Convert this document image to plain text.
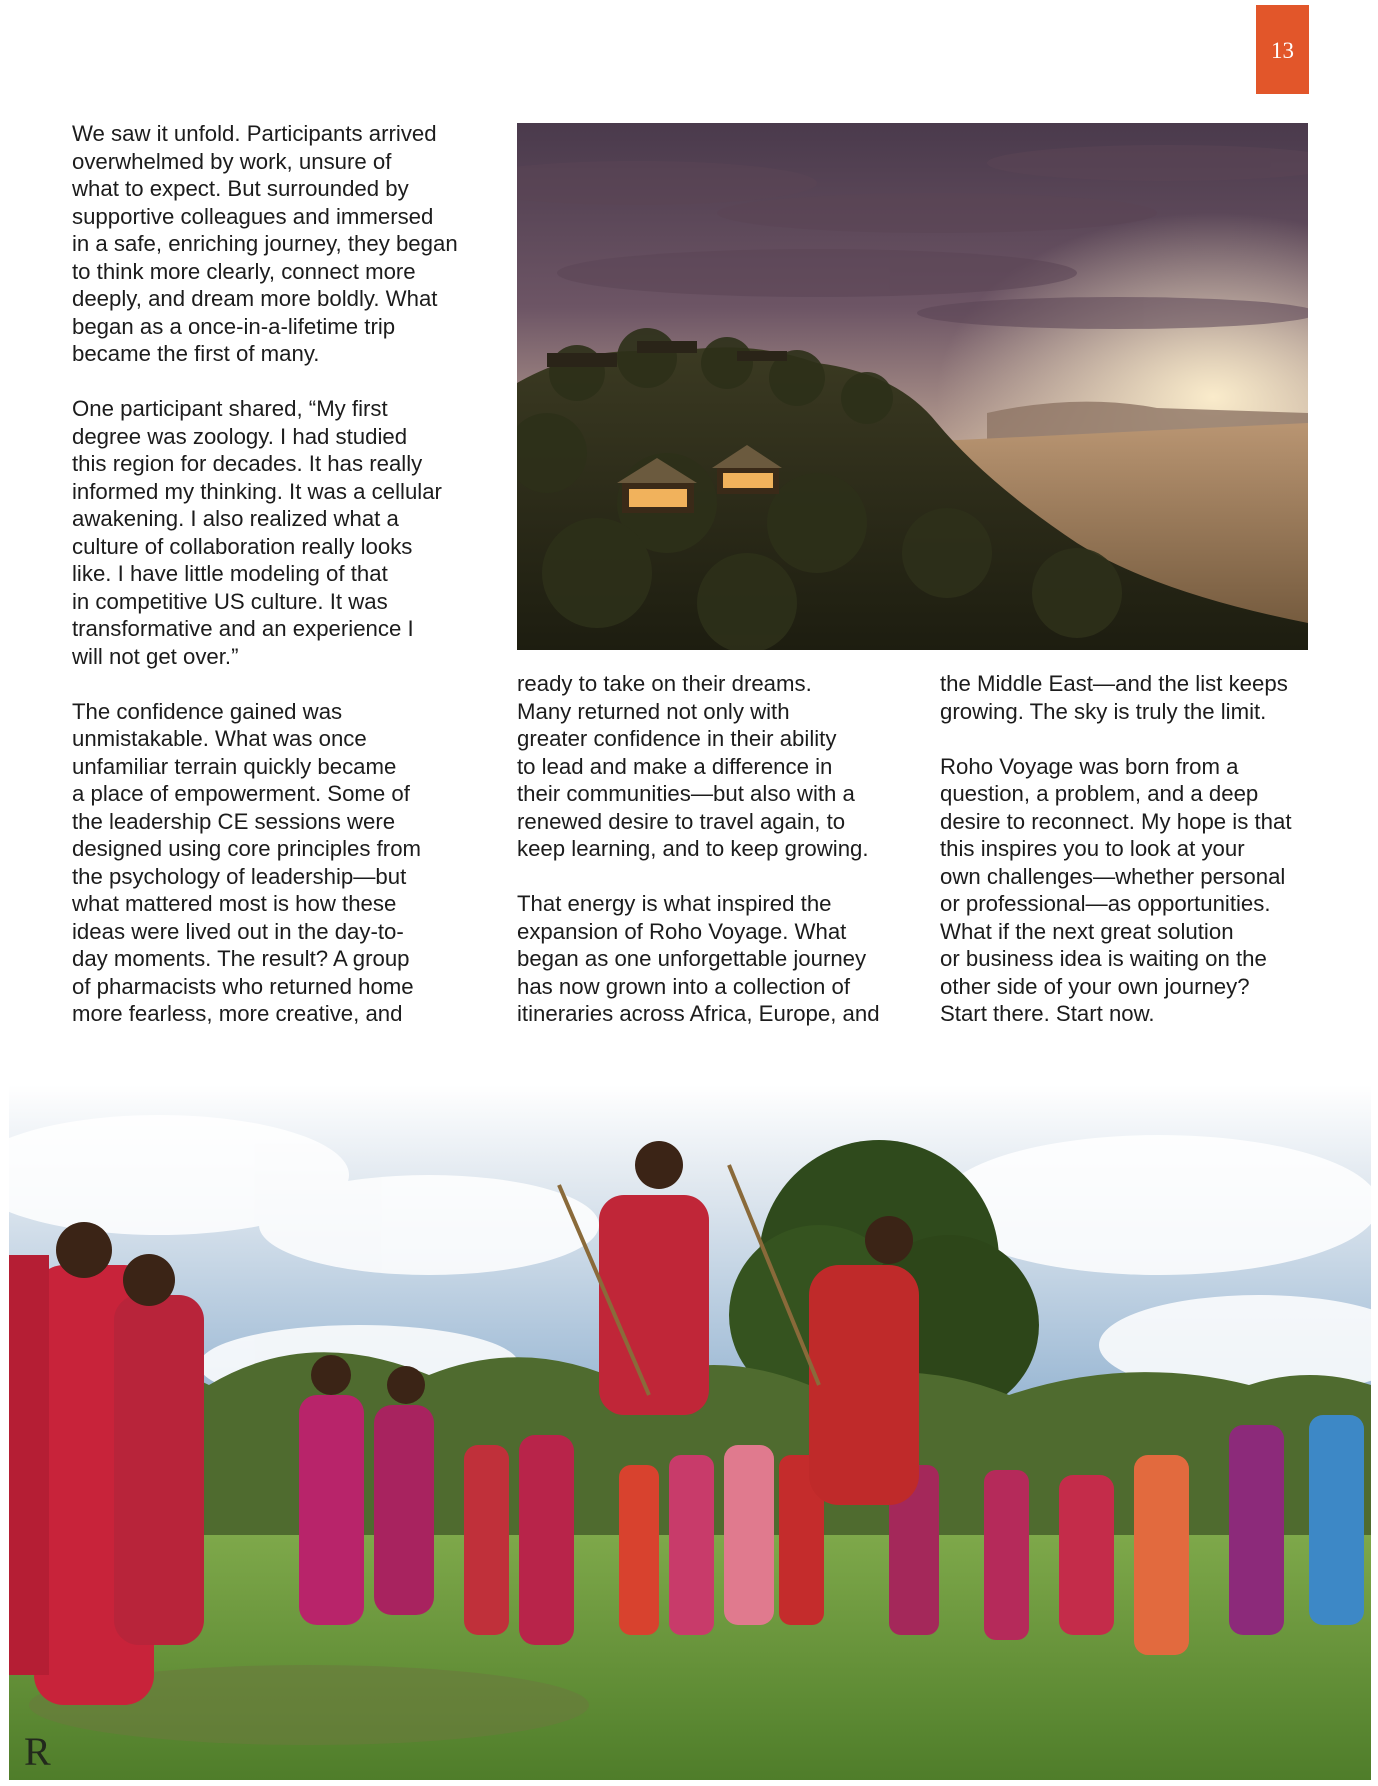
13

We saw it unfold. Participants arrived
overwhelmed by work, unsure of
what to expect. But surrounded by
supportive colleagues and immersed
in a safe, enriching journey, they began
to think more clearly, connect more
deeply, and dream more boldly. What
began as a once-in-a-lifetime trip
became the first of many.

One participant shared, “My first
degree was zoology. I had studied
this region for decades. It has really
informed my thinking. It was a cellular
awakening. I also realized what a
culture of collaboration really looks
like. I have little modeling of that
in competitive US culture. It was
transformative and an experience I
will not get over.”

The confidence gained was
unmistakable. What was once
unfamiliar terrain quickly became
a place of empowerment. Some of
the leadership CE sessions were
designed using core principles from
the psychology of leadership—but
what mattered most is how these
ideas were lived out in the day-to-
day moments. The result? A group
of pharmacists who returned home
more fearless, more creative, and

ready to take on their dreams.
Many returned not only with
greater confidence in their ability
to lead and make a difference in
their communities—but also with a
renewed desire to travel again, to
keep learning, and to keep growing.

That energy is what inspired the
expansion of Roho Voyage. What
began as one unforgettable journey
has now grown into a collection of
itineraries across Africa, Europe, and

the Middle East—and the list keeps
growing. The sky is truly the limit.

Roho Voyage was born from a
question, a problem, and a deep
desire to reconnect. My hope is that
this inspires you to look at your
own challenges—whether personal
or professional—as opportunities.
What if the next great solution
or business idea is waiting on the
other side of your own journey?
Start there. Start now.

R
